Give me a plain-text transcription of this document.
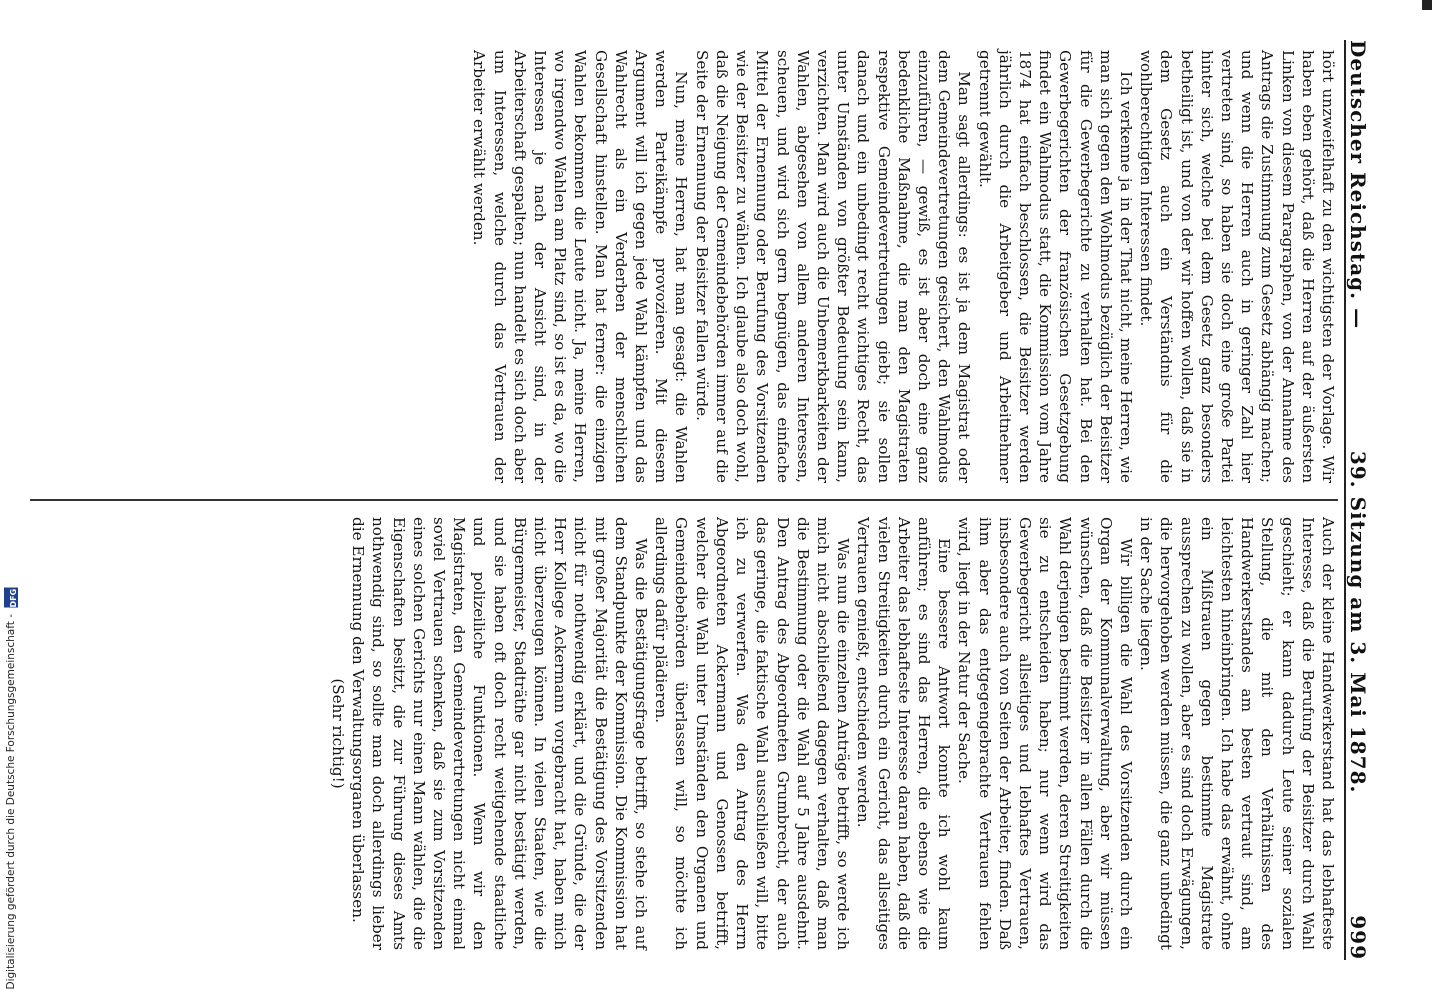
Deutscher Reichstag. —
39. Sitzung am 3. Mai 1878.
999

hört unzweifelhaft zu den wichtigsten der Vorlage. Wir haben eben gehört, daß die Herren auf der äußersten Linken von diesem Paragraphen, von der Annahme des Antrags die Zustimmung zum Gesetz abhängig machen; und wenn die Herren auch in geringer Zahl hier vertreten sind, so haben sie doch eine große Partei hinter sich, welche bei dem Gesetz ganz besonders betheiligt ist, und von der wir hoffen wollen, daß sie in dem Gesetz auch ein Verständnis für die wohlberechtigten Interessen findet.

Ich verkenne ja in der That nicht, meine Herren, wie man sich gegen den Wohlmodus bezüglich der Beisitzer für die Gewerbegerichte zu verhalten hat. Bei den Gewerbegerichten der französischen Gesetzgebung findet ein Wahlmodus statt, die Kommission vom Jahre 1874 hat einfach beschlossen, die Beisitzer werden jährlich durch die Arbeitgeber und Arbeitnehmer getrennt gewählt.

Man sagt allerdings: es ist ja dem Magistrat oder dem Gemeindevertretungen gesichert, den Wahlmodus einzuführen, — gewiß, es ist aber doch eine ganz bedenkliche Maßnahme, die man den Magistraten respektive Gemeindevertretungen giebt; sie sollen danach und ein unbedingt recht wichtiges Recht, das unter Umständen von größter Bedeutung sein kann, verzichten. Man wird auch die Unbemerkbarkeiten der Wahlen, abgesehen von allem anderen Interessen, scheuen, und wird sich gern begnügen, das einfache Mittel der Ernennung oder Berufung des Vorsitzenden wie der Beisitzer zu wählen. Ich glaube also doch wohl, daß die Neigung der Gemeindebehörden immer auf die Seite der Ernennung der Beisitzer fallen würde.

Nun, meine Herren, hat man gesagt: die Wahlen werden Parteikämpfe provozieren. Mit diesem Argument will ich gegen jede Wahl kämpfen und das Wahlrecht als ein Verderben der menschlichen Gesellschaft hinstellen. Man hat ferner: die einzigen Wahlen bekommen die Leute nicht. Ja, meine Herren, wo irgendwo Wahlen am Platz sind, so ist es da, wo die Interessen je nach der Ansicht sind, in der Arbeiterschaft gespalten; nun handelt es sich doch aber um Interessen, welche durch das Vertrauen der Arbeiter erwählt werden.

Auch der kleine Handwerkerstand hat das lebhafteste Interesse, daß die Berufung der Beisitzer durch Wahl geschieht; er kann dadurch Leute seiner sozialen Stellung, die mit den Verhältnissen des Handwerkerstandes am besten vertraut sind, am leichtesten hineinbringen. Ich habe das erwähnt, ohne ein Mißtrauen gegen bestimmte Magistrate aussprechen zu wollen, aber es sind doch Erwägungen, die hervorgehoben werden müssen, die ganz unbedingt in der Sache liegen.

Wir billigen die Wahl des Vorsitzenden durch ein Organ der Kommunalverwaltung, aber wir müssen wünschen, daß die Beisitzer in allen Fällen durch die Wahl derjenigen bestimmt werden, deren Streitigkeiten sie zu entscheiden haben; nur wenn wird das Gewerbegericht allseitiges und lebhaftes Vertrauen, insbesondere auch von Seiten der Arbeiter, finden. Daß ihm aber das entgegengebrachte Vertrauen fehlen wird, liegt in der Natur der Sache.

Eine bessere Antwort konnte ich wohl kaum anführen; es sind das Herren, die ebenso wie die Arbeiter das lebhafteste Interesse daran haben, daß die vielen Streitigkeiten durch ein Gericht, das allseitiges Vertrauen genießt, entschieden werden.

Was nun die einzelnen Anträge betrifft, so werde ich mich nicht abschließend dagegen verhalten, daß man die Bestimmung oder die Wahl auf 5 Jahre ausdehnt. Den Antrag des Abgeordneten Grumbrecht, der auch das geringe, die faktische Wahl ausschließen will, bitte ich zu verwerfen. Was den Antrag des Herrn Abgeordneten Ackermann und Genossen betrifft, welcher die Wahl unter Umständen den Organen und Gemeindebehörden überlassen will, so möchte ich allerdings dafür plädieren.

Was die Bestätigungsfrage betrifft, so stehe ich auf dem Standpunkte der Kommission. Die Kommission hat mit großer Majorität die Bestätigung des Vorsitzenden nicht für nothwendig erklärt, und die Gründe, die der Herr Kollege Ackermann vorgebracht hat, haben mich nicht überzeugen können. In vielen Staaten, wie die Bürgermeister, Stadträthe gar nicht bestätigt werden, und sie haben oft doch recht weitgehende staatliche und polizeiliche Funktionen. Wenn wir den Magistraten, den Gemeindevertretungen nicht einmal soviel Vertrauen schenken, daß sie zum Vorsitzenden eines solchen Gerichts nur einen Mann wählen, die die Eigenschaften besitzt, die zur Führung dieses Amts nothwendig sind, so sollte man doch allerdings lieber die Ernennung den Verwaltungsorganen überlassen.

(Sehr richtig!)

Digitalisierung gefördert durch die Deutsche Forschungsgemeinschaft -
DFG
